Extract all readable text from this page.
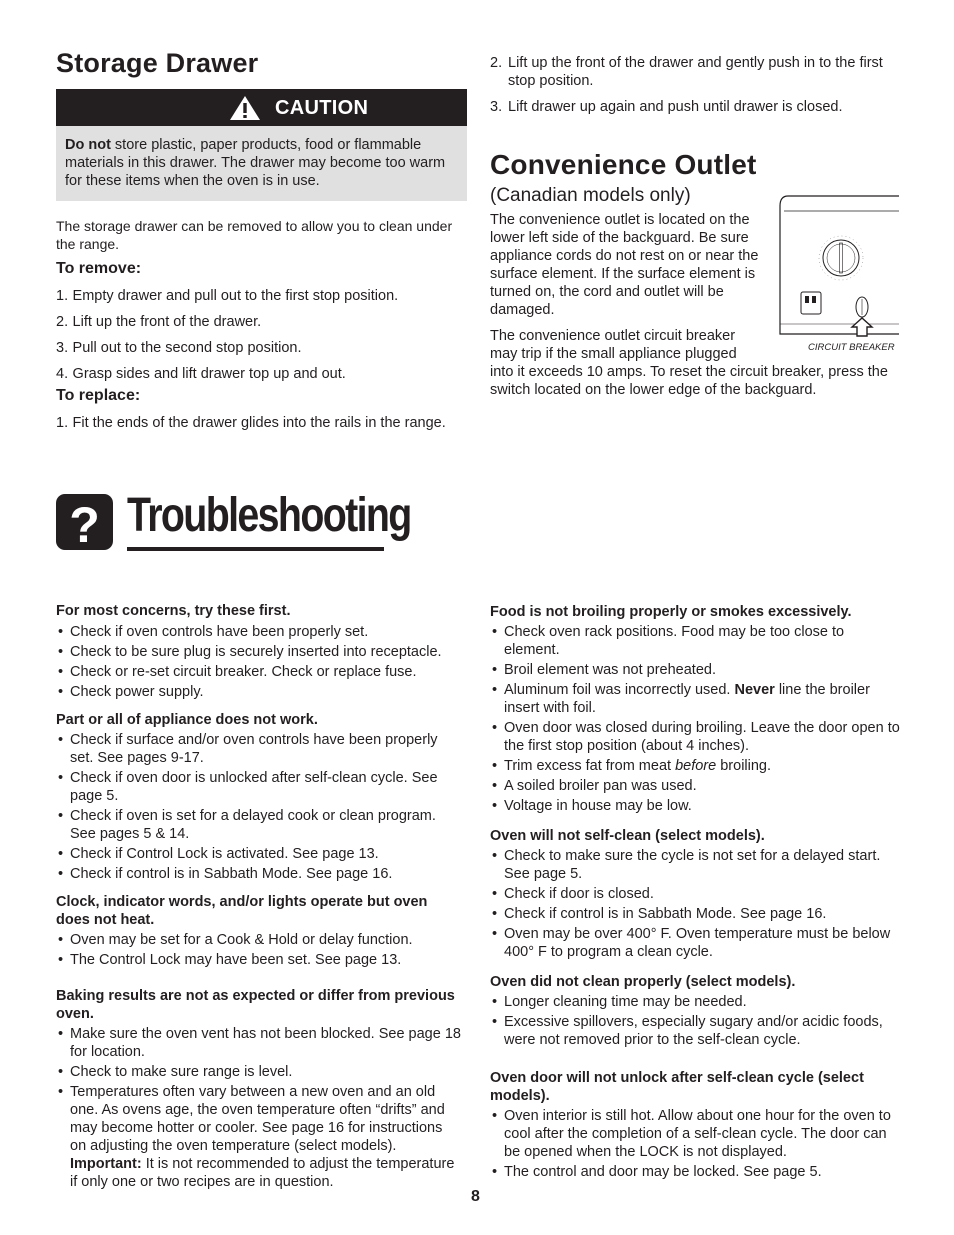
Storage Drawer
CAUTION

Do not store plastic, paper products, food or flammable materials in this drawer. The drawer may become too warm for these items when the oven is in use.

The storage drawer can be removed to allow you to clean under the range.

To remove:

1. Empty drawer and pull out to the first stop position.
2. Lift up the front of the drawer.
3. Pull out to the second stop position.
4. Grasp sides and lift drawer top up and out.

To replace:

1. Fit the ends of the drawer glides into the rails in the range.
2. Lift up the front of the drawer and gently push in to the first stop position.
3. Lift drawer up again and push until drawer is closed.
Convenience Outlet

(Canadian models only)

The convenience outlet is located on the lower left side of the backguard. Be sure appliance cords do not rest on or near the surface element. If the surface element is turned on, the cord and outlet will be damaged.

The convenience outlet circuit breaker may trip if the small appliance plugged

into it exceeds 10 amps. To reset the circuit breaker, press the switch located on the lower edge of the backguard.

CIRCUIT BREAKER

? Troubleshooting

For most concerns, try these first.

• Check if oven controls have been properly set.
• Check to be sure plug is securely inserted into receptacle.
• Check or re-set circuit breaker. Check or replace fuse.
• Check power supply.

Part or all of appliance does not work.

• Check if surface and/or oven controls have been properly set. See pages 9-17.
• Check if oven door is unlocked after self-clean cycle. See page 5.
• Check if oven is set for a delayed cook or clean program. See pages 5 & 14.
• Check if Control Lock is activated. See page 13.
• Check if control is in Sabbath Mode. See page 16.

Clock, indicator words, and/or lights operate but oven does not heat.

• Oven may be set for a Cook & Hold or delay function.
• The Control Lock may have been set. See page 13.

Baking results are not as expected or differ from previous oven.

• Make sure the oven vent has not been blocked. See page 18 for location.
• Check to make sure range is level.
• Temperatures often vary between a new oven and an old one. As ovens age, the oven temperature often “drifts” and may become hotter or cooler. See page 16 for instructions on adjusting the oven temperature (select models).
Important: It is not recommended to adjust the temperature if only one or two recipes are in question.

Food is not broiling properly or smokes excessively.

• Check oven rack positions. Food may be too close to element.
• Broil element was not preheated.
• Aluminum foil was incorrectly used. Never line the broiler insert with foil.
• Oven door was closed during broiling. Leave the door open to the first stop position (about 4 inches).
• Trim excess fat from meat before broiling.
• A soiled broiler pan was used.
• Voltage in house may be low.

Oven will not self-clean (select models).

• Check to make sure the cycle is not set for a delayed start. See page 5.
• Check if door is closed.
• Check if control is in Sabbath Mode. See page 16.
• Oven may be over 400° F. Oven temperature must be below 400° F to program a clean cycle.

Oven did not clean properly (select models).

• Longer cleaning time may be needed.
• Excessive spillovers, especially sugary and/or acidic foods, were not removed prior to the self-clean cycle.

Oven door will not unlock after self-clean cycle (select models).

• Oven interior is still hot. Allow about one hour for the oven to cool after the completion of a self-clean cycle. The door can be opened when the LOCK is not displayed.
• The control and door may be locked. See page 5.
8
